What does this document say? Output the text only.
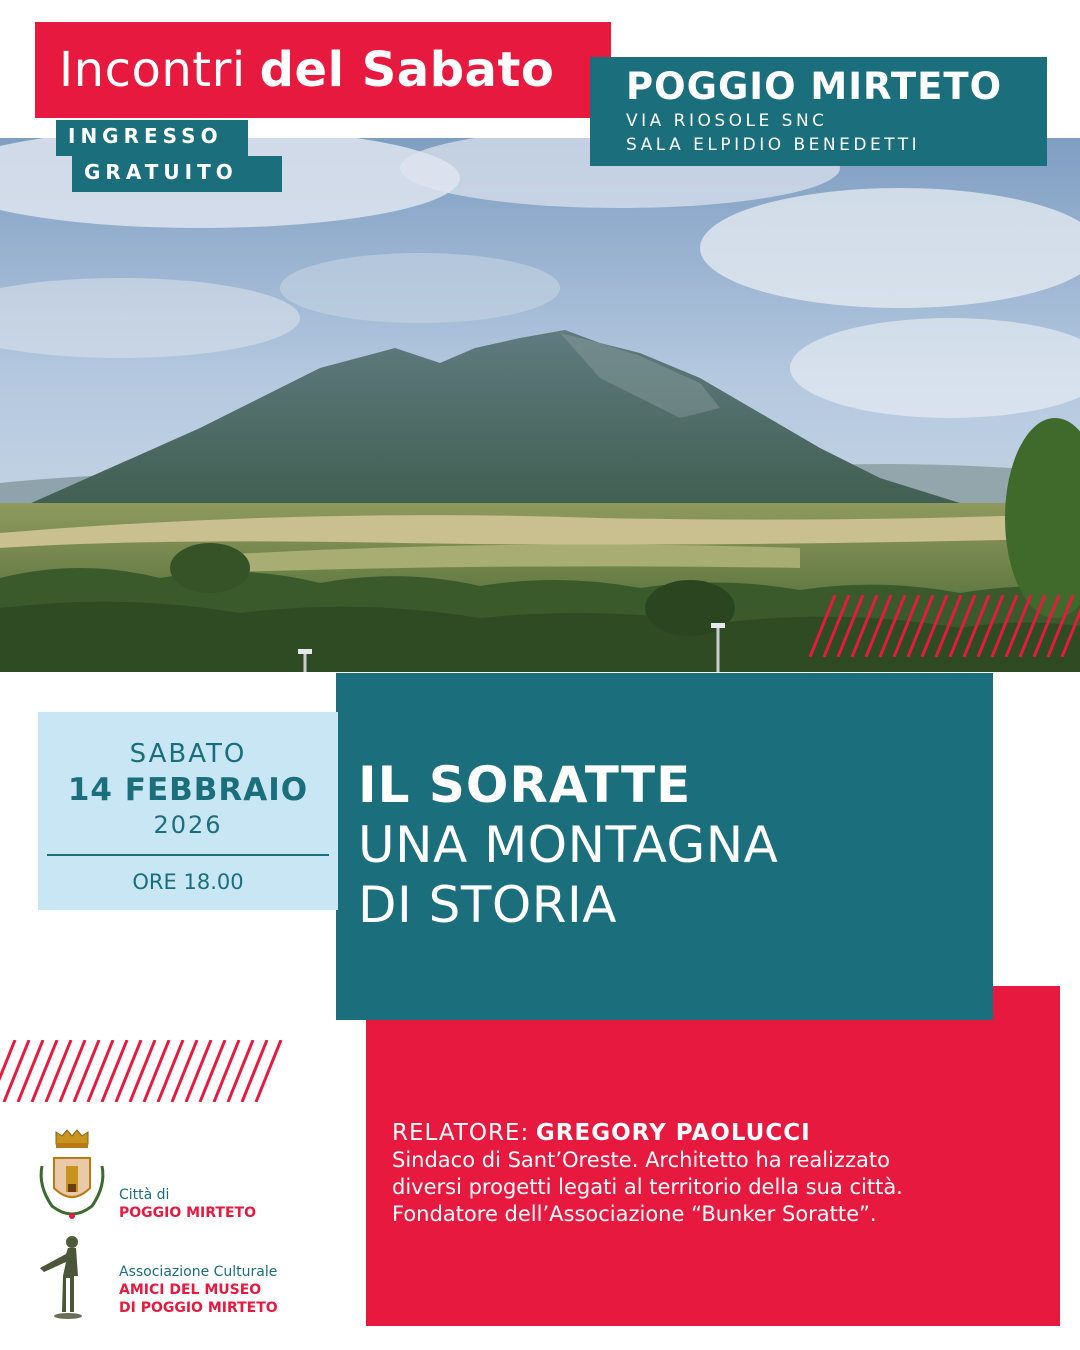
Incontri del Sabato
INGRESSO
GRATUITO
POGGIO MIRTETO
VIA RIOSOLE SNC
SALA ELPIDIO BENEDETTI
IL SORATTE
UNA MONTAGNA
DI STORIA
SABATO
14 FEBBRAIO
2026
ORE 18.00
RELATORE: GREGORY PAOLUCCI
Sindaco di Sant’Oreste. Architetto ha realizzato
diversi progetti legati al territorio della sua città.
Fondatore dell’Associazione “Bunker Soratte”.
Città di
POGGIO MIRTETO
Associazione Culturale
AMICI DEL MUSEO
DI POGGIO MIRTETO
